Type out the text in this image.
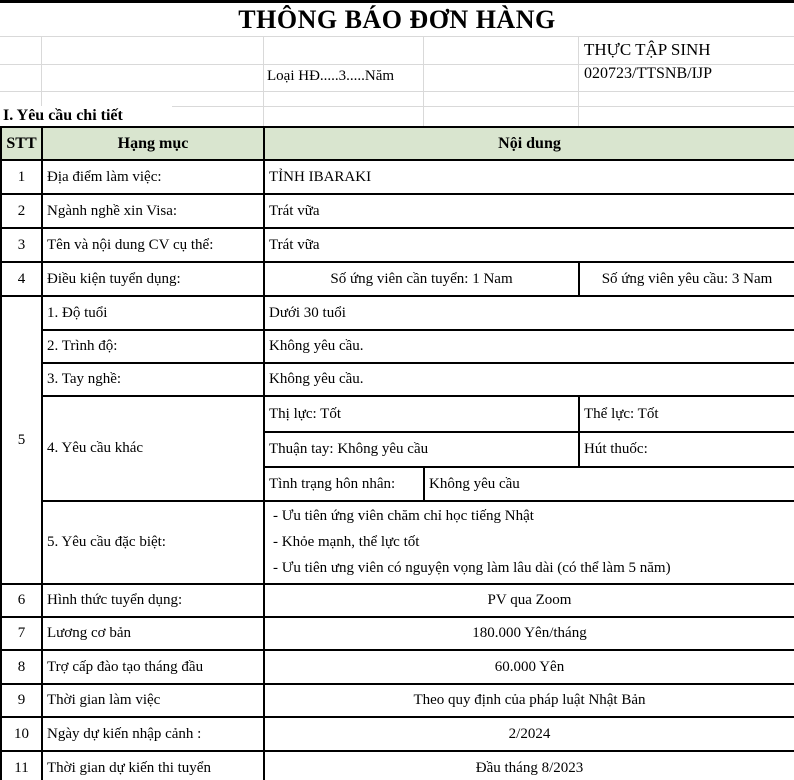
THÔNG BÁO ĐƠN HÀNG
THỰC TẬP SINH
020723/TTSNB/IJP
Loại HĐ.....3.....Năm
I. Yêu cầu chi tiết
STT	Hạng mục	Nội dung		
1	Địa điểm làm việc:	TỈNH IBARAKI		
2	Ngành nghề xin Visa:	Trát vữa		
3	Tên và nội dung CV cụ thể:	Trát vữa		
4	Điều kiện tuyển dụng:	Số ứng viên cần tuyển: 1 Nam		Số ứng viên yêu cầu: 3 Nam
5	1. Độ tuổi	Dưới 30 tuổi		
	2. Trình độ:	Không yêu cầu.		
	3. Tay nghề:	Không yêu cầu.		
	4. Yêu cầu khác	Thị lực: Tốt		Thể lực: Tốt
		Thuận tay: Không yêu cầu		Hút thuốc:
		Tình trạng hôn nhân:	Không yêu cầu	
	5. Yêu cầu đặc biệt:	- Ưu tiên ứng viên chăm chỉ học tiếng Nhật
- Khỏe mạnh, thể lực tốt
- Ưu tiên ưng viên có nguyện vọng làm lâu dài (có thể làm 5 năm)		

6	Hình thức tuyển dụng:	PV qua Zoom		
7	Lương cơ bản	180.000 Yên/tháng		
8	Trợ cấp đào tạo tháng đầu	60.000 Yên		
9	Thời gian làm việc	Theo quy định của pháp luật Nhật Bản		
10	Ngày dự kiến nhập cảnh :	2/2024		
11	Thời gian dự kiến thi tuyển	Đầu tháng 8/2023		
